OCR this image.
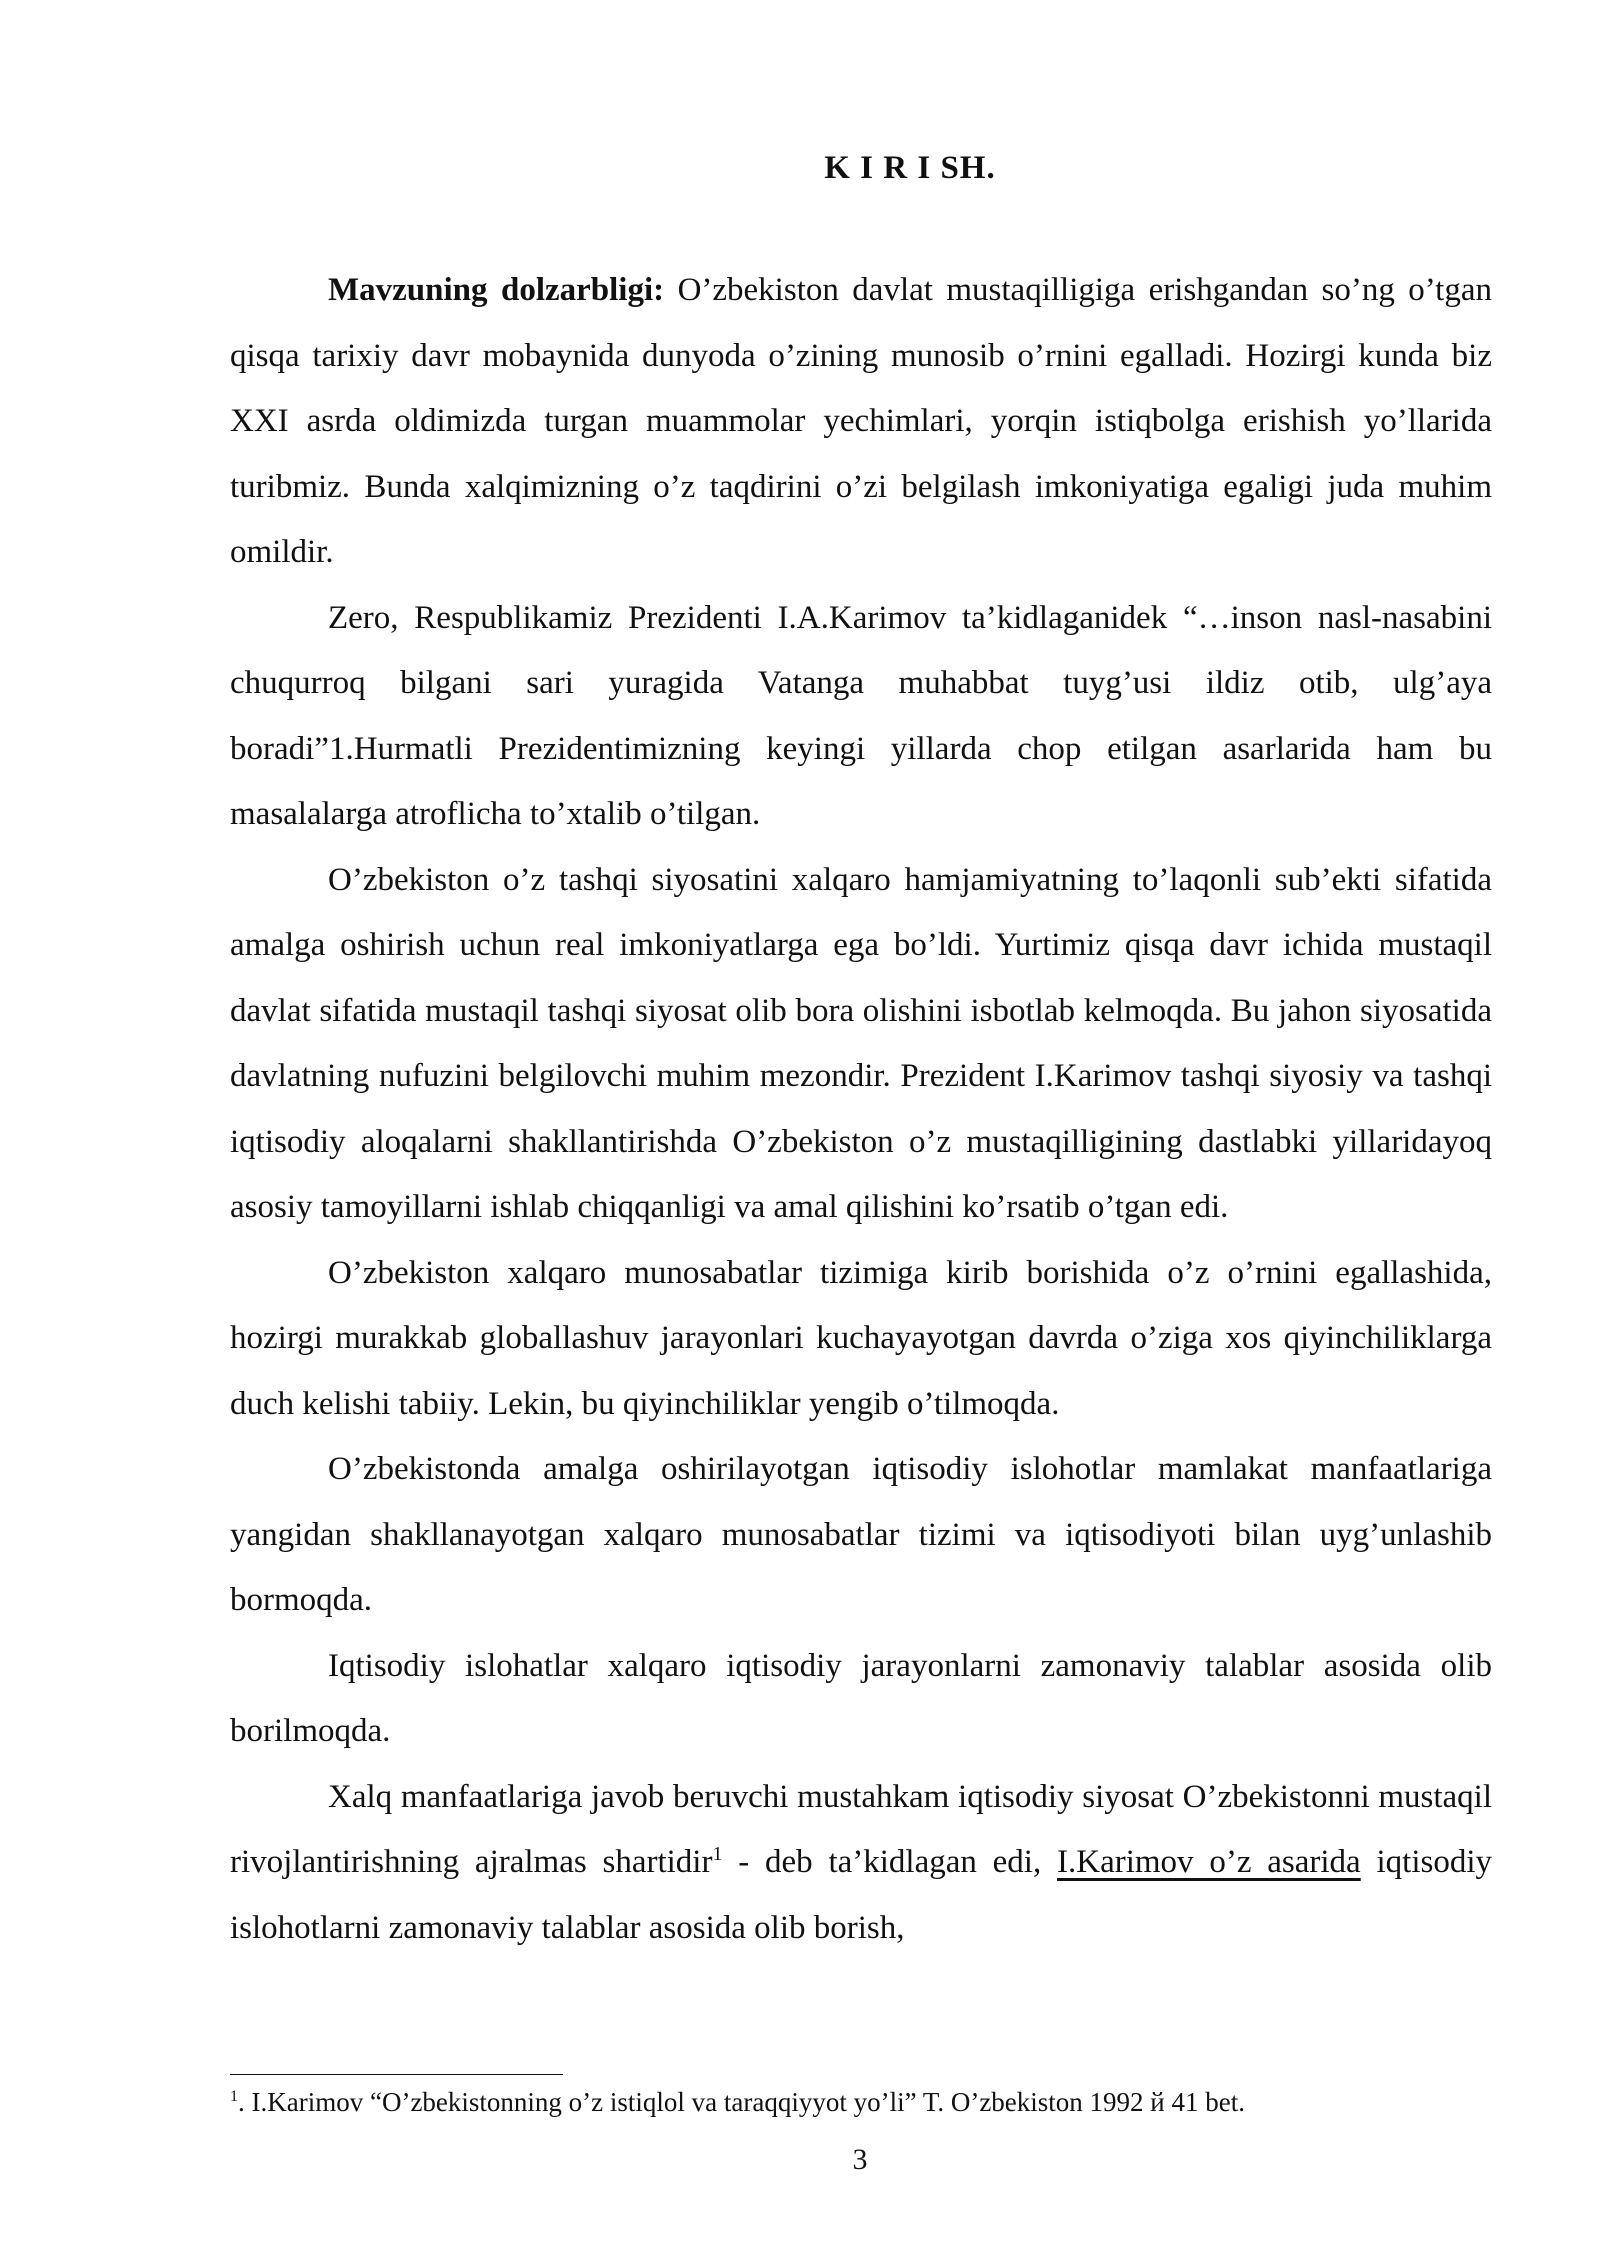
K I R I SH.

Mavzuning dolzarbligi: O’zbekiston davlat mustaqilligiga erishgandan so’ng o’tgan qisqa tarixiy davr mobaynida dunyoda o’zining munosib o’rnini egalladi. Hozirgi kunda biz XXI asrda oldimizda turgan muammolar yechimlari, yorqin istiqbolga erishish yo’llarida turibmiz. Bunda xalqimizning o’z taqdirini o’zi belgilash imkoniyatiga egaligi juda muhim omildir.

Zero, Respublikamiz Prezidenti I.A.Karimov ta’kidlaganidek “…inson nasl-nasabini chuqurroq bilgani sari yuragida Vatanga muhabbat tuyg’usi ildiz otib, ulg’aya boradi”1.Hurmatli Prezidentimizning keyingi yillarda chop etilgan asarlarida ham bu masalalarga atroflicha to’xtalib o’tilgan.

O’zbekiston o’z tashqi siyosatini xalqaro hamjamiyatning to’laqonli sub’ekti sifatida amalga oshirish uchun real imkoniyatlarga ega bo’ldi. Yurtimiz qisqa davr ichida mustaqil davlat sifatida mustaqil tashqi siyosat olib bora olishini isbotlab kelmoqda. Bu jahon siyosatida davlatning nufuzini belgilovchi muhim mezondir. Prezident I.Karimov tashqi siyosiy va tashqi iqtisodiy aloqalarni shakllantirishda O’zbekiston o’z mustaqilligining dastlabki yillaridayoq asosiy tamoyillarni ishlab chiqqanligi va amal qilishini ko’rsatib o’tgan edi.

O’zbekiston xalqaro munosabatlar tizimiga kirib borishida o’z o’rnini egallashida, hozirgi murakkab globallashuv jarayonlari kuchayayotgan davrda o’ziga xos qiyinchiliklarga duch kelishi tabiiy. Lekin, bu qiyinchiliklar yengib o’tilmoqda.

O’zbekistonda amalga oshirilayotgan iqtisodiy islohotlar mamlakat manfaatlariga yangidan shakllanayotgan xalqaro munosabatlar tizimi va iqtisodiyoti bilan uyg’unlashib bormoqda.

Iqtisodiy islohatlar xalqaro iqtisodiy jarayonlarni zamonaviy talablar asosida olib borilmoqda.

Xalq manfaatlariga javob beruvchi mustahkam iqtisodiy siyosat O’zbekistonni mustaqil rivojlantirishning ajralmas shartidir$^1$ - deb ta’kidlagan edi, I.Karimov o’z asarida iqtisodiy islohotlarni zamonaviy talablar asosida olib borish,

$^1$. I.Karimov “O’zbekistonning o’z istiqlol va taraqqiyyot yo’li” T. O’zbekiston 1992 й 41 bet.
3
